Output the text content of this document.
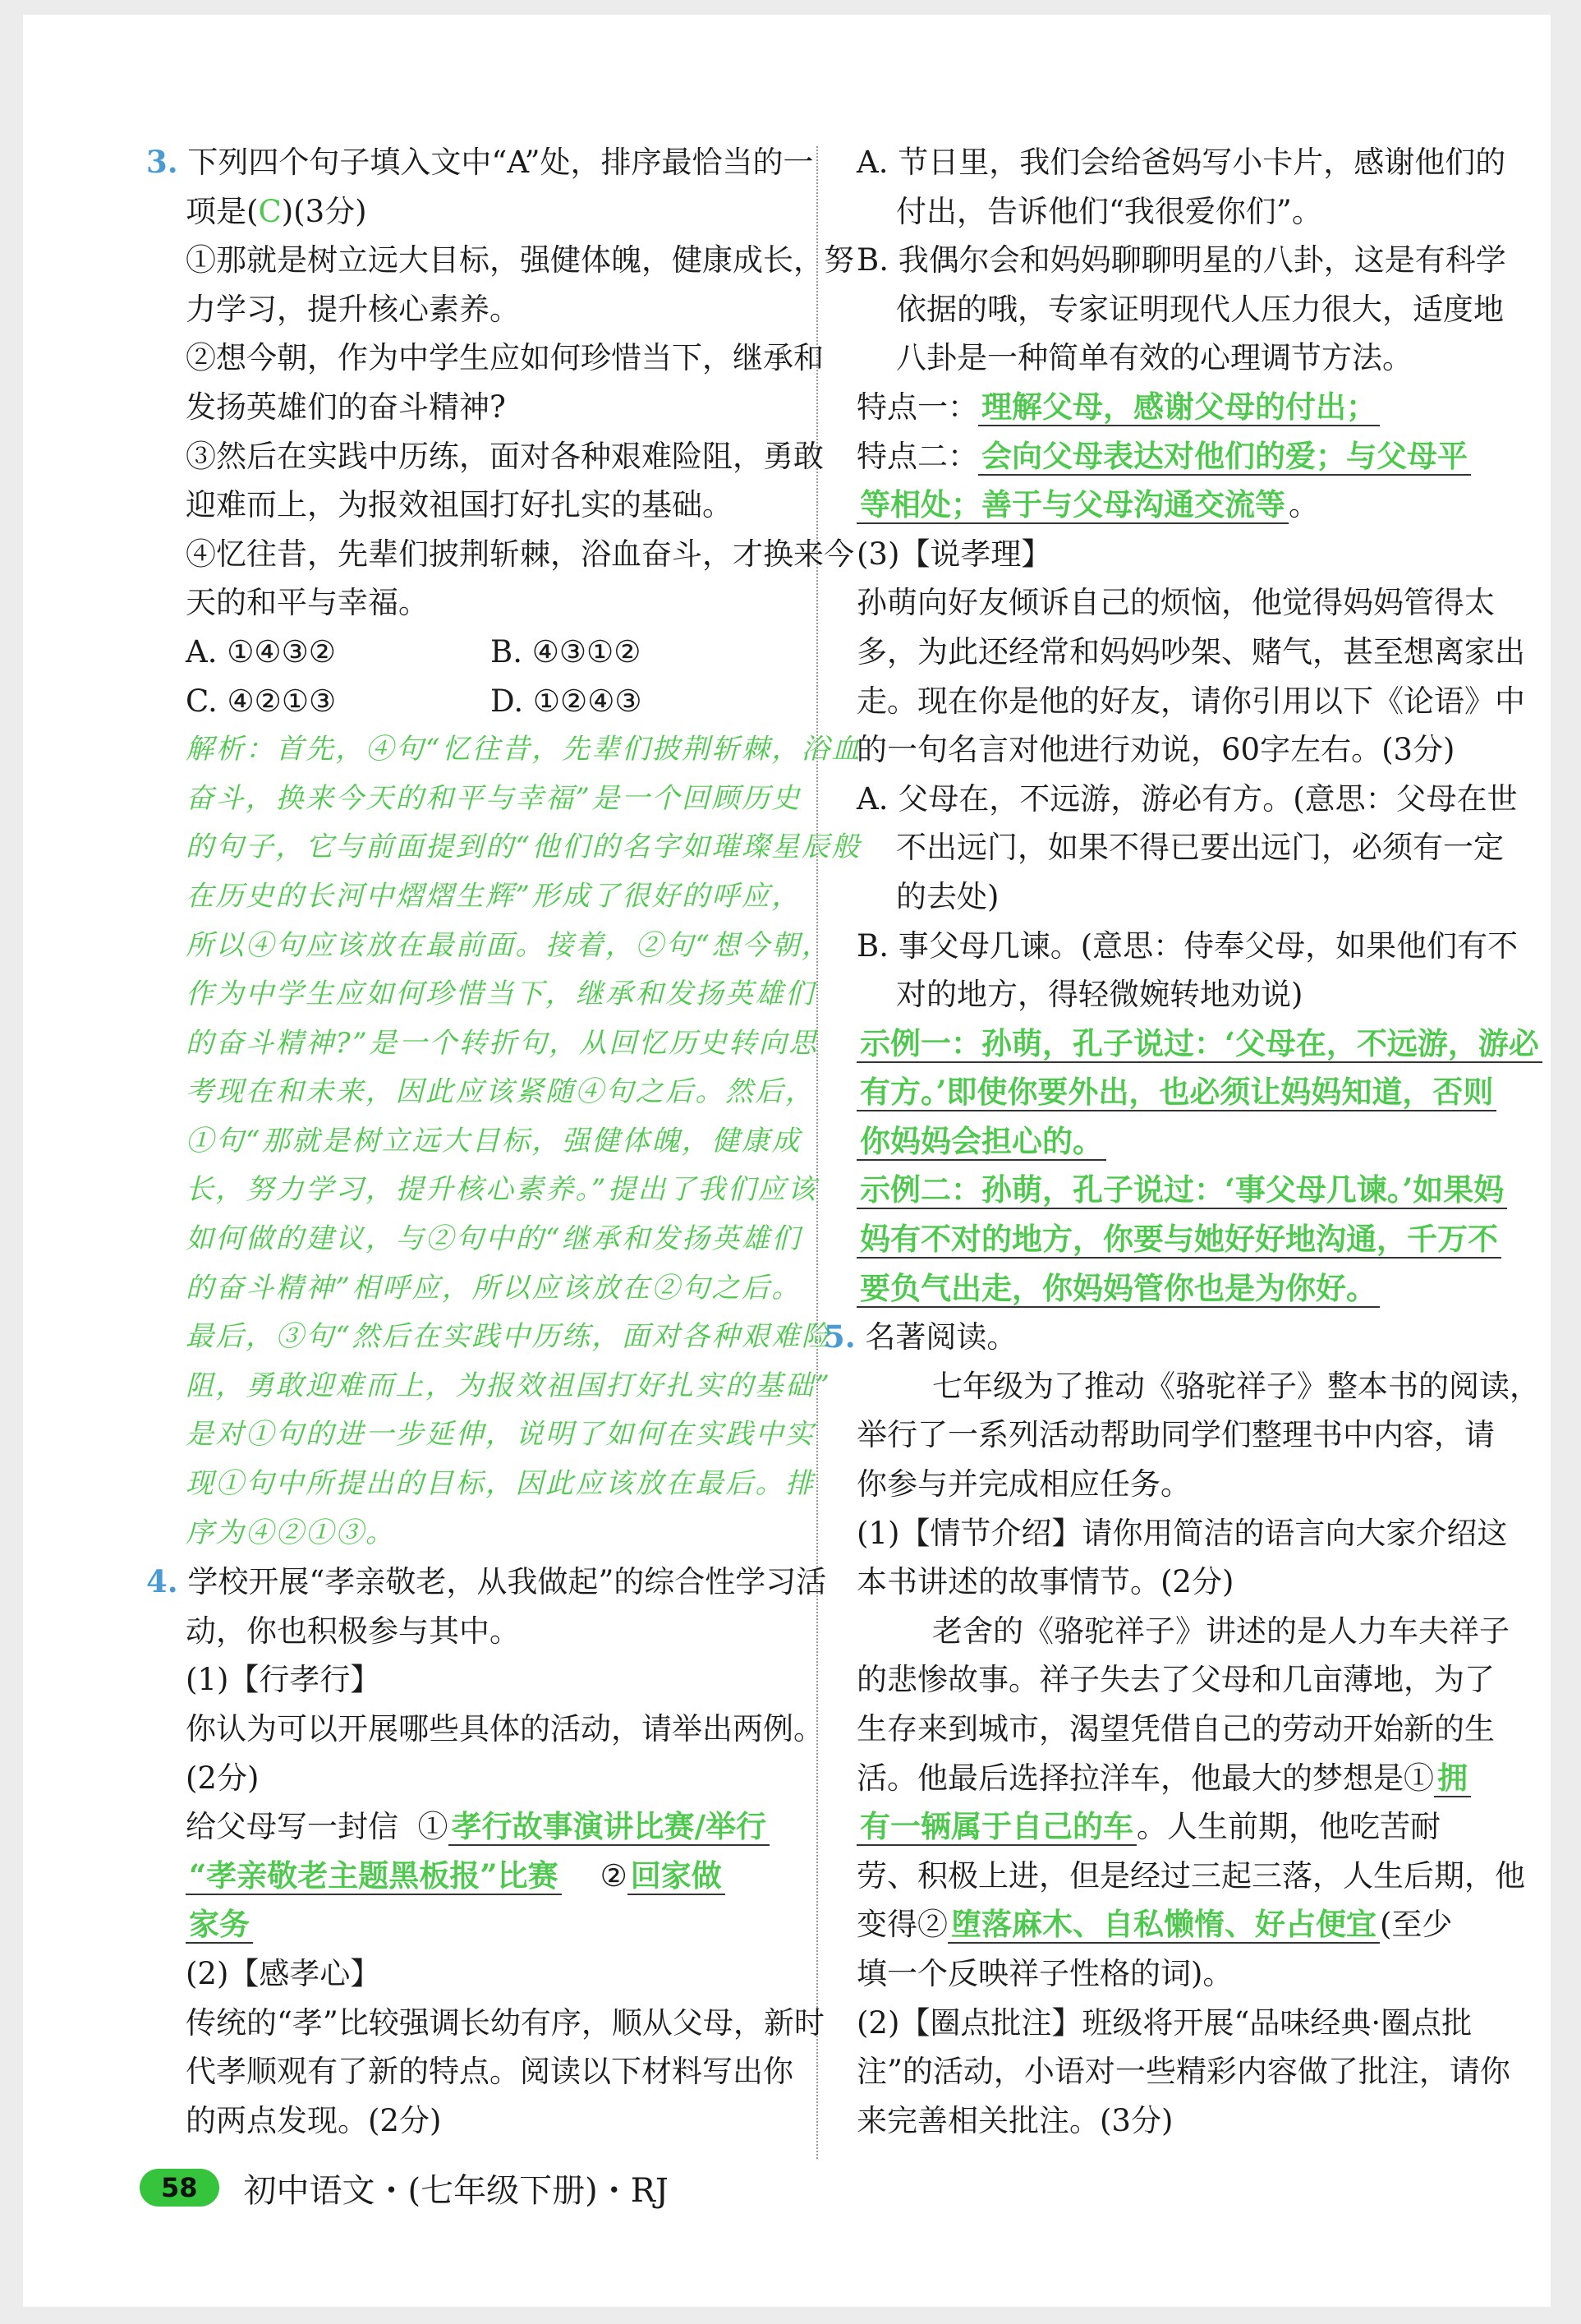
3. 下列四个句子填入文中“A”处，排序最恰当的一
项是(C)(3分)
①那就是树立远大目标，强健体魄，健康成长，努
力学习，提升核心素养。
②想今朝，作为中学生应如何珍惜当下，继承和
发扬英雄们的奋斗精神?
③然后在实践中历练，面对各种艰难险阻，勇敢
迎难而上，为报效祖国打好扎实的基础。
④忆往昔，先辈们披荆斩棘，浴血奋斗，才换来今
天的和平与幸福。
A. ①④③②	B. ④③①②
C. ④②①③	D. ①②④③
解析：首先，④句“忆往昔，先辈们披荆斩棘，浴血
奋斗，换来今天的和平与幸福”是一个回顾历史
的句子，它与前面提到的“他们的名字如璀璨星辰般
在历史的长河中熠熠生辉”形成了很好的呼应，
所以④句应该放在最前面。接着，②句“想今朝，
作为中学生应如何珍惜当下，继承和发扬英雄们
的奋斗精神?”是一个转折句，从回忆历史转向思
考现在和未来，因此应该紧随④句之后。然后，
①句“那就是树立远大目标，强健体魄，健康成
长，努力学习，提升核心素养。”提出了我们应该
如何做的建议，与②句中的“继承和发扬英雄们
的奋斗精神”相呼应，所以应该放在②句之后。
最后，③句“然后在实践中历练，面对各种艰难险
阻，勇敢迎难而上，为报效祖国打好扎实的基础”
是对①句的进一步延伸，说明了如何在实践中实
现①句中所提出的目标，因此应该放在最后。排
序为④②①③。
4. 学校开展“孝亲敬老，从我做起”的综合性学习活
动，你也积极参与其中。
(1)【行孝行】
你认为可以开展哪些具体的活动，请举出两例。
(2分)
给父母写一封信 ① 孝行故事演讲比赛/举行
“孝亲敬老主题黑板报”比赛 ② 回家做
家务
(2)【感孝心】
传统的“孝”比较强调长幼有序，顺从父母，新时
代孝顺观有了新的特点。阅读以下材料写出你
的两点发现。(2分)
A. 节日里，我们会给爸妈写小卡片，感谢他们的
付出，告诉他们“我很爱你们”。
B. 我偶尔会和妈妈聊聊明星的八卦，这是有科学
依据的哦，专家证明现代人压力很大，适度地
八卦是一种简单有效的心理调节方法。
特点一： 理解父母，感谢父母的付出；
特点二： 会向父母表达对他们的爱；与父母平
等相处；善于与父母沟通交流等 。
(3)【说孝理】
孙萌向好友倾诉自己的烦恼，他觉得妈妈管得太
多，为此还经常和妈妈吵架、赌气，甚至想离家出
走。现在你是他的好友，请你引用以下《论语》中
的一句名言对他进行劝说，60字左右。(3分)
A. 父母在，不远游，游必有方。(意思：父母在世
不出远门，如果不得已要出远门，必须有一定
的去处)
B. 事父母几谏。(意思：侍奉父母，如果他们有不
对的地方，得轻微婉转地劝说)
示例一：孙萌，孔子说过：‘父母在，不远游，游必
有方。’即使你要外出，也必须让妈妈知道，否则
你妈妈会担心的。
示例二：孙萌，孔子说过：‘事父母几谏。’如果妈
妈有不对的地方，你要与她好好地沟通，千万不
要负气出走，你妈妈管你也是为你好。
5. 名著阅读。
七年级为了推动《骆驼祥子》整本书的阅读，
举行了一系列活动帮助同学们整理书中内容，请
你参与并完成相应任务。
(1)【情节介绍】请你用简洁的语言向大家介绍这
本书讲述的故事情节。(2分)
老舍的《骆驼祥子》讲述的是人力车夫祥子
的悲惨故事。祥子失去了父母和几亩薄地，为了
生存来到城市，渴望凭借自己的劳动开始新的生
活。他最后选择拉洋车，他最大的梦想是① 拥
有一辆属于自己的车 。人生前期，他吃苦耐
劳、积极上进，但是经过三起三落，人生后期，他
变得② 堕落麻木、自私懒惰、好占便宜 (至少
填一个反映祥子性格的词)。
(2)【圈点批注】班级将开展“品味经典·圈点批
注”的活动，小语对一些精彩内容做了批注，请你
来完善相关批注。(3分)
58	初中语文・(七年级下册)・RJ
